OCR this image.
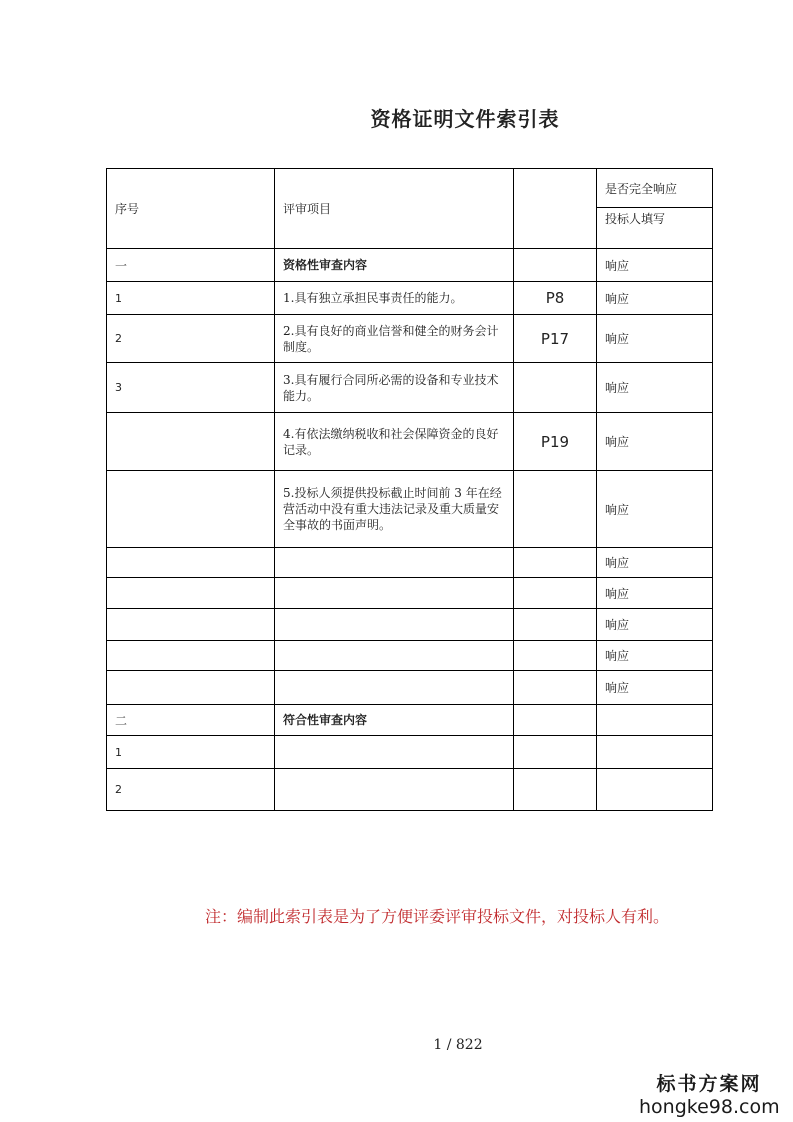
资格证明文件索引表
序号	评审项目		是否完全响应
			投标人填写
一	资格性审查内容		响应
1	1.具有独立承担民事责任的能力。	P8	响应
2	2.具有良好的商业信誉和健全的财务会计制度。	P17	响应
3	3.具有履行合同所必需的设备和专业技术能力。		响应
	4.有依法缴纳税收和社会保障资金的良好记录。	P19	响应
	5.投标人须提供投标截止时间前 3 年在经营活动中没有重大违法记录及重大质量安全事故的书面声明。		响应
			响应
			响应
			响应
			响应
			响应
二	符合性审查内容		
1			
2			
注：编制此索引表是为了方便评委评审投标文件，对投标人有利。
1 / 822
标书方案网
hongke98.com
